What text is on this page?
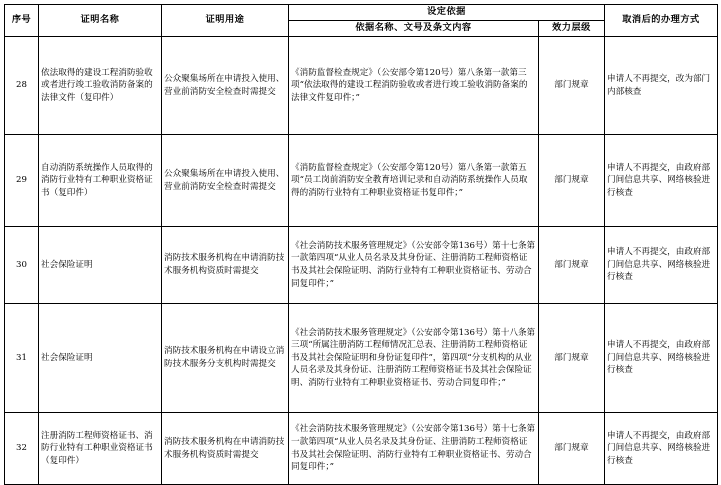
序号	证明名称	证明用途	设定依据		取消后的办理方式
			依据名称、文号及条文内容	效力层级	
28	依法取得的建设工程消防验收或者进行竣工验收消防备案的法律文件（复印件）	公众聚集场所在申请投入使用、营业前消防安全检查时需提交	《消防监督检查规定》（公安部令第120号）第八条第一款第三项“依法取得的建设工程消防验收或者进行竣工验收消防备案的法律文件复印件；”	部门规章	申请人不再提交，改为部门内部核查
29	自动消防系统操作人员取得的消防行业特有工种职业资格证书（复印件）	公众聚集场所在申请投入使用、营业前消防安全检查时需提交	《消防监督检查规定》（公安部令第120号）第八条第一款第五项“员工岗前消防安全教育培训记录和自动消防系统操作人员取得的消防行业特有工种职业资格证书复印件；”	部门规章	申请人不再提交，由政府部门间信息共享、网络核验进行核查
30	社会保险证明	消防技术服务机构在申请消防技术服务机构资质时需提交	《社会消防技术服务管理规定》（公安部令第136号）第十七条第一款第四项“从业人员名录及其身份证、注册消防工程师资格证书及其社会保险证明、消防行业特有工种职业资格证书、劳动合同复印件；”	部门规章	申请人不再提交，由政府部门间信息共享、网络核验进行核查
31	社会保险证明	消防技术服务机构在申请设立消防技术服务分支机构时需提交	《社会消防技术服务管理规定》（公安部令第136号）第十八条第三项“所属注册消防工程师情况汇总表、注册消防工程师资格证书及其社会保险证明和身份证复印件”，第四项“分支机构的从业人员名录及其身份证、注册消防工程师资格证书及其社会保险证明、消防行业特有工种职业资格证书、劳动合同复印件；”	部门规章	申请人不再提交，由政府部门间信息共享、网络核验进行核查
32	注册消防工程师资格证书、消防行业特有工种职业资格证书（复印件）	消防技术服务机构在申请消防技术服务机构资质时需提交	《社会消防技术服务管理规定》（公安部令第136号）第十七条第一款第四项“从业人员名录及其身份证、注册消防工程师资格证书及其社会保险证明、消防行业特有工种职业资格证书、劳动合同复印件；”	部门规章	申请人不再提交，由政府部门间信息共享、网络核验进行核查
